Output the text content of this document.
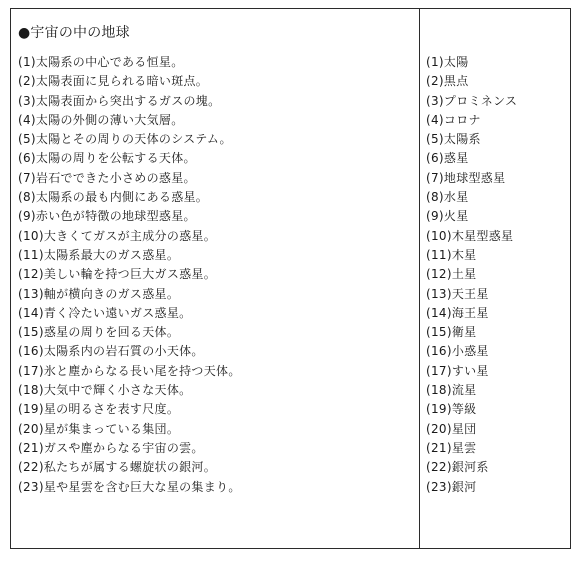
●宇宙の中の地球
(1)太陽系の中心である恒星。
(2)太陽表面に見られる暗い斑点。
(3)太陽表面から突出するガスの塊。
(4)太陽の外側の薄い大気層。
(5)太陽とその周りの天体のシステム。
(6)太陽の周りを公転する天体。
(7)岩石でできた小さめの惑星。
(8)太陽系の最も内側にある惑星。
(9)赤い色が特徴の地球型惑星。
(10)大きくてガスが主成分の惑星。
(11)太陽系最大のガス惑星。
(12)美しい輪を持つ巨大ガス惑星。
(13)軸が横向きのガス惑星。
(14)青く冷たい遠いガス惑星。
(15)惑星の周りを回る天体。
(16)太陽系内の岩石質の小天体。
(17)氷と塵からなる長い尾を持つ天体。
(18)大気中で輝く小さな天体。
(19)星の明るさを表す尺度。
(20)星が集まっている集団。
(21)ガスや塵からなる宇宙の雲。
(22)私たちが属する螺旋状の銀河。
(23)星や星雲を含む巨大な星の集まり。
(1)太陽
(2)黒点
(3)プロミネンス
(4)コロナ
(5)太陽系
(6)惑星
(7)地球型惑星
(8)水星
(9)火星
(10)木星型惑星
(11)木星
(12)土星
(13)天王星
(14)海王星
(15)衛星
(16)小惑星
(17)すい星
(18)流星
(19)等級
(20)星団
(21)星雲
(22)銀河系
(23)銀河
